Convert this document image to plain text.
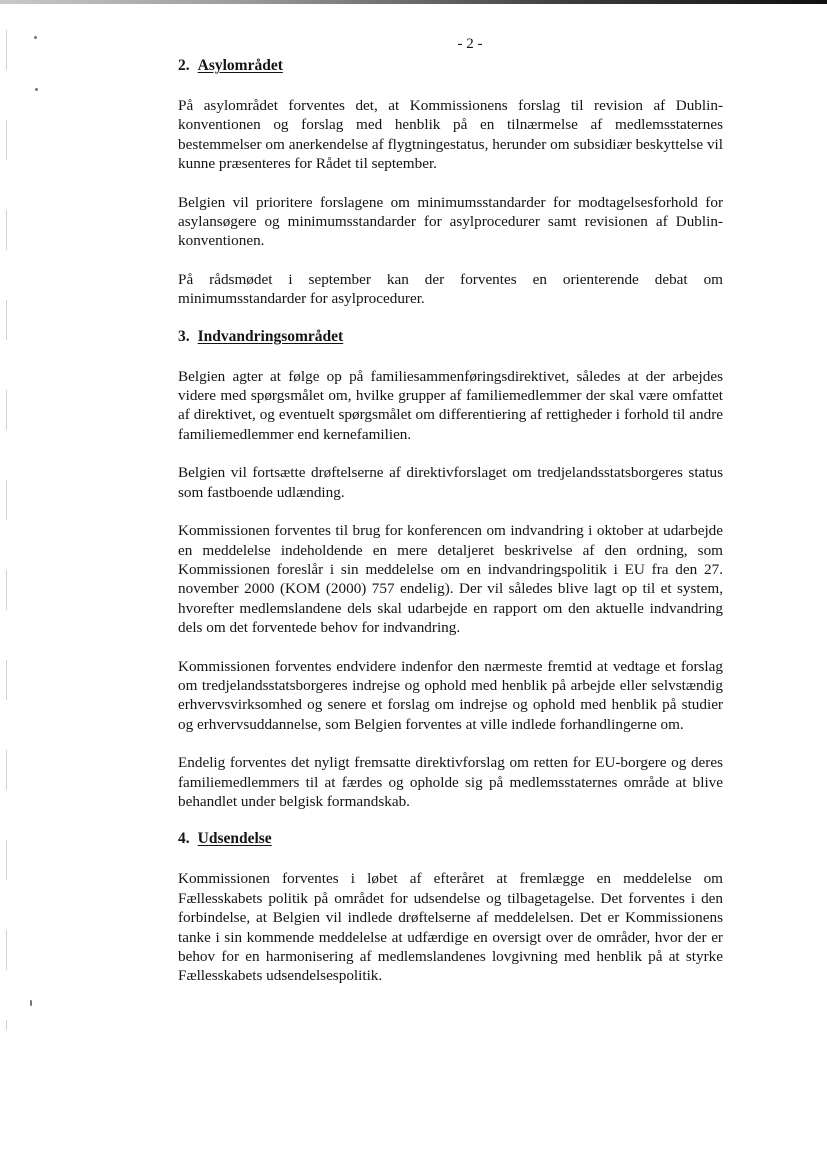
- 2 -
2. Asylområdet

På asylområdet forventes det, at Kommissionens forslag til revision af Dublin-konventionen og forslag med henblik på en tilnærmelse af medlemsstaternes bestemmelser om anerkendelse af flygtningestatus, herunder om subsidiær beskyttelse vil kunne præsenteres for Rådet til september.

Belgien vil prioritere forslagene om minimumsstandarder for modtagelsesforhold for asylansøgere og minimumsstandarder for asylprocedurer samt revisionen af Dublin-konventionen.

På rådsmødet i september kan der forventes en orienterende debat om minimumsstandarder for asylprocedurer.

3. Indvandringsområdet

Belgien agter at følge op på familiesammenføringsdirektivet, således at der arbejdes videre med spørgsmålet om, hvilke grupper af familiemedlemmer der skal være omfattet af direktivet, og eventuelt spørgsmålet om differentiering af rettigheder i forhold til andre familiemedlemmer end kernefamilien.

Belgien vil fortsætte drøftelserne af direktivforslaget om tredjelandsstatsborgeres status som fastboende udlænding.

Kommissionen forventes til brug for konferencen om indvandring i oktober at udarbejde en meddelelse indeholdende en mere detaljeret beskrivelse af den ordning, som Kommissionen foreslår i sin meddelelse om en indvandringspolitik i EU fra den 27. november 2000 (KOM (2000) 757 endelig). Der vil således blive lagt op til et system, hvorefter medlemslandene dels skal udarbejde en rapport om den aktuelle indvandring dels om det forventede behov for indvandring.

Kommissionen forventes endvidere indenfor den nærmeste fremtid at vedtage et forslag om tredjelandsstatsborgeres indrejse og ophold med henblik på arbejde eller selvstændig erhvervsvirksomhed og senere et forslag om indrejse og ophold med henblik på studier og erhvervsuddannelse, som Belgien forventes at ville indlede forhandlingerne om.

Endelig forventes det nyligt fremsatte direktivforslag om retten for EU-borgere og deres familiemedlemmers til at færdes og opholde sig på medlemsstaternes område at blive behandlet under belgisk formandskab.

4. Udsendelse

Kommissionen forventes i løbet af efteråret at fremlægge en meddelelse om Fællesskabets politik på området for udsendelse og tilbagetagelse. Det forventes i den forbindelse, at Belgien vil indlede drøftelserne af meddelelsen. Det er Kommissionens tanke i sin kommende meddelelse at udfærdige en oversigt over de områder, hvor der er behov for en harmonisering af medlemslandenes lovgivning med henblik på at styrke Fællesskabets udsendelsespolitik.
